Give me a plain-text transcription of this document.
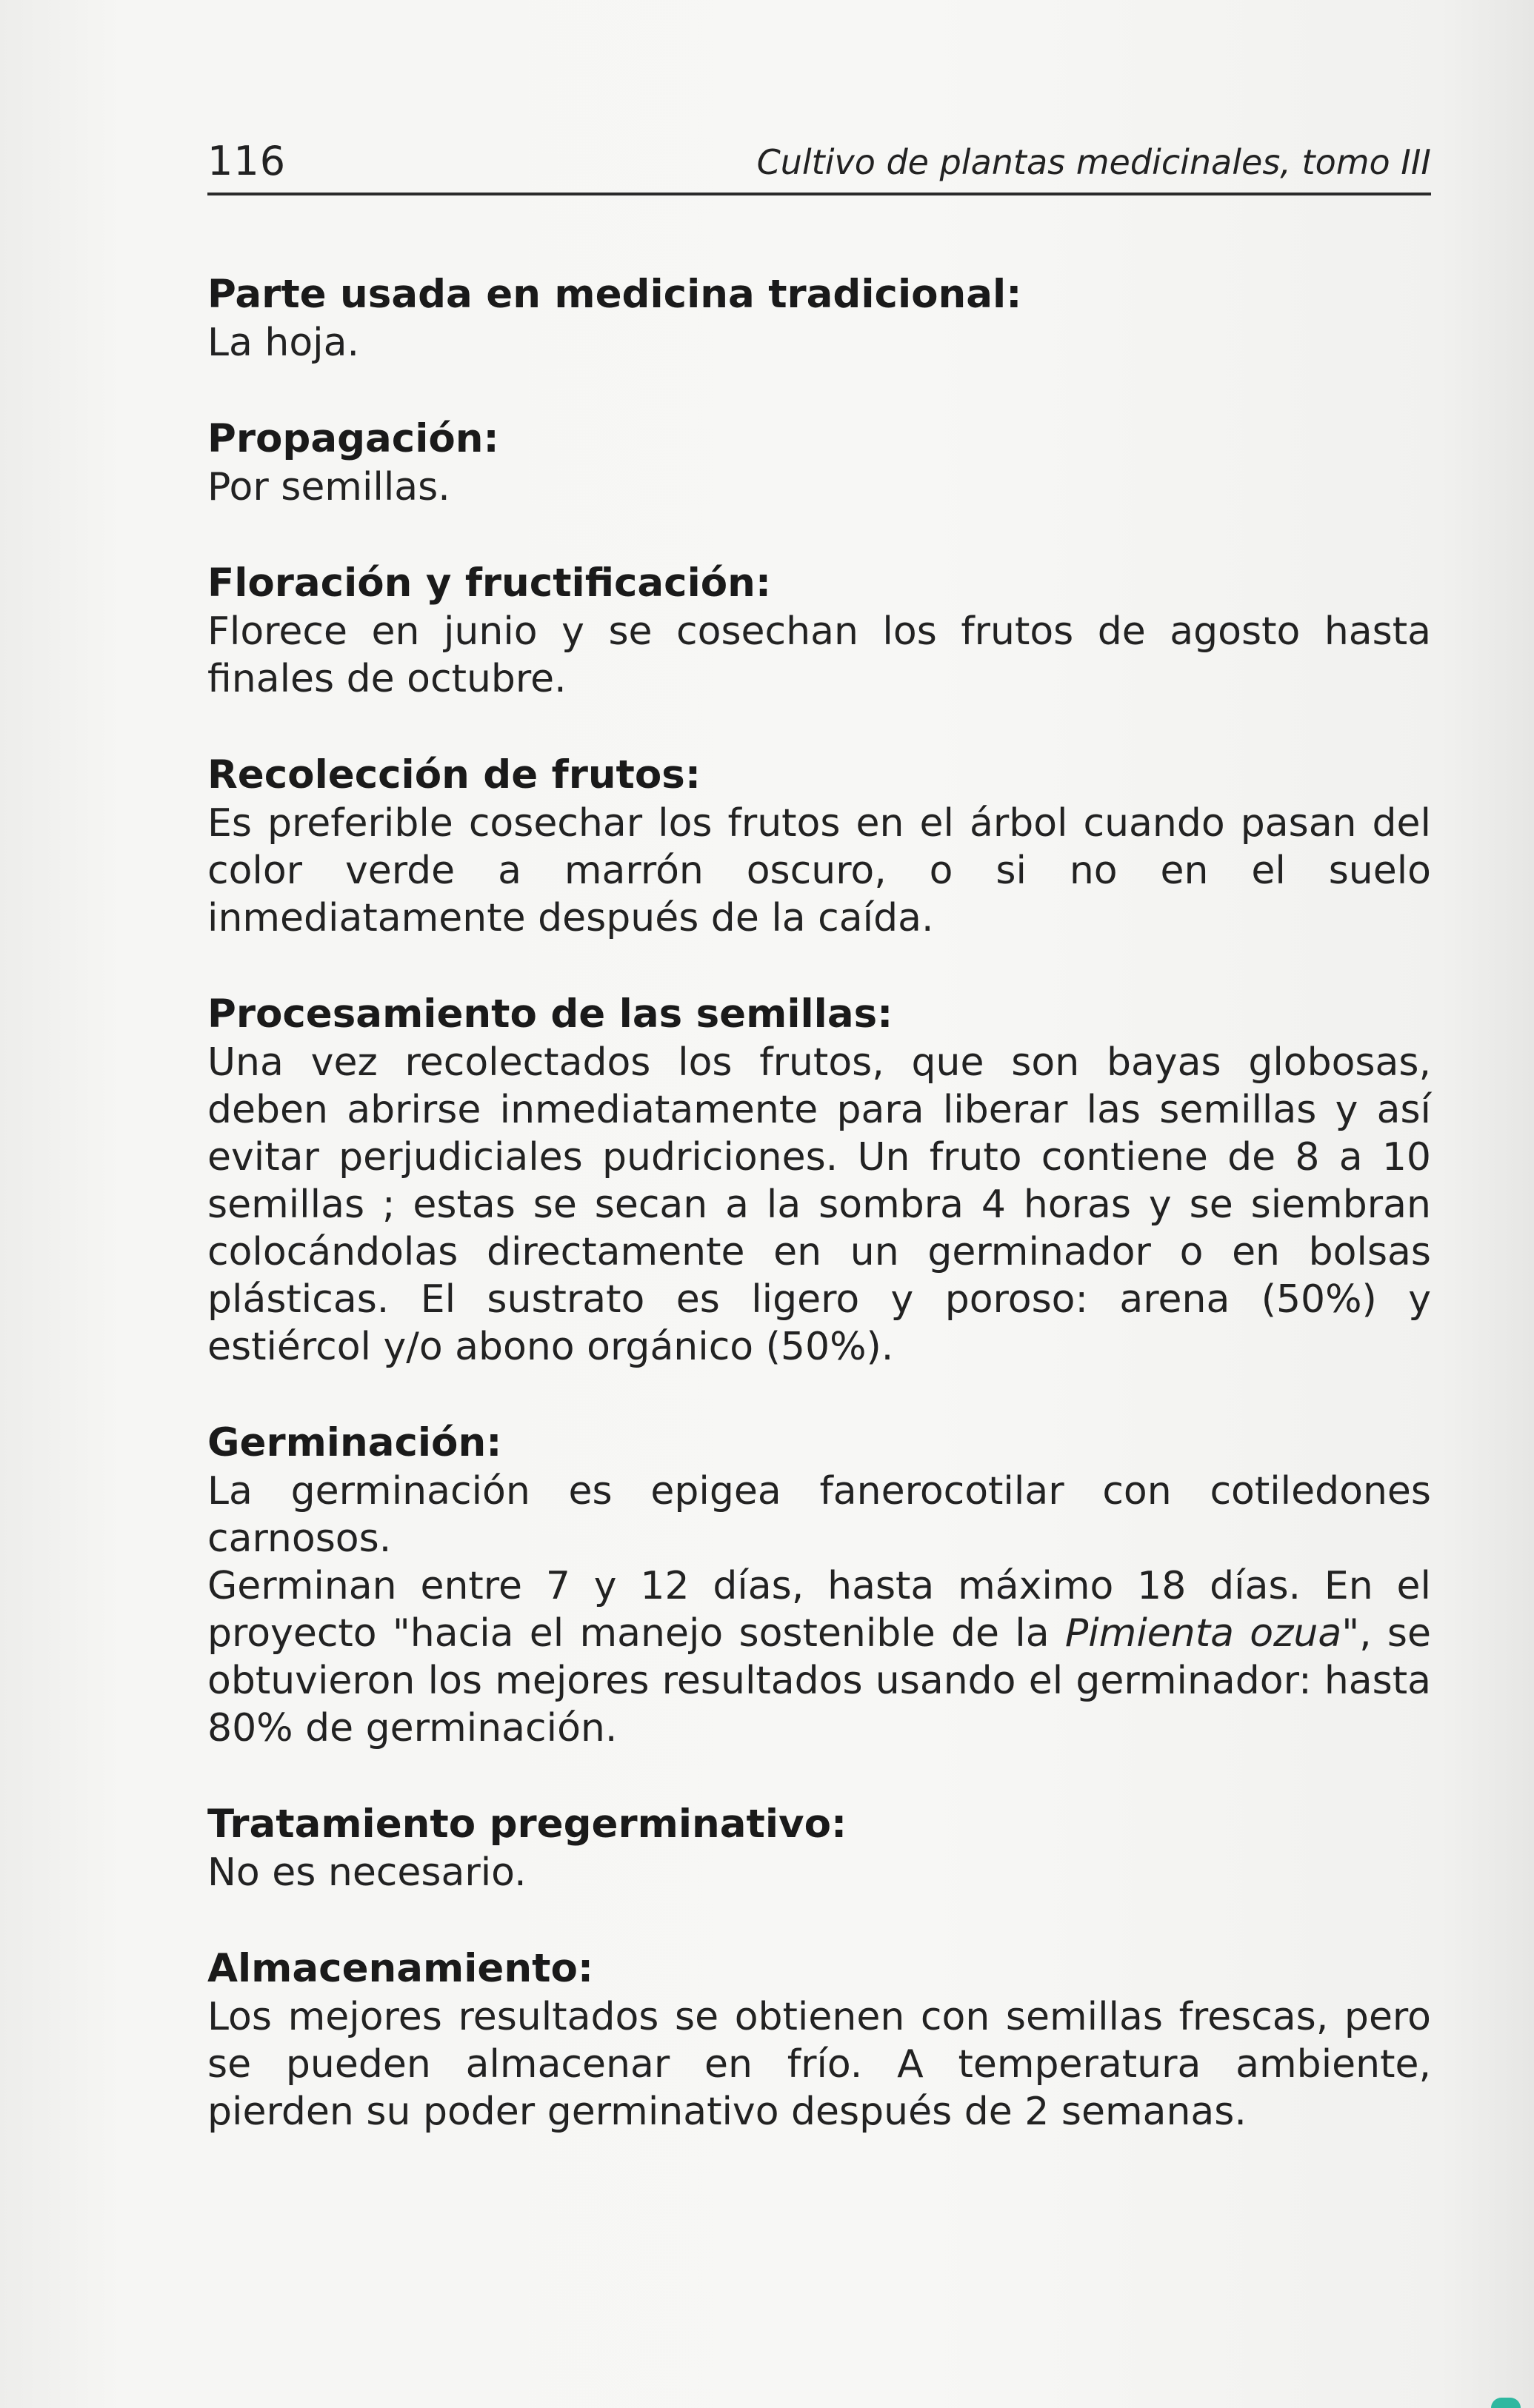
116	Cultivo de plantas medicinales, tomo III
Parte usada en medicina tradicional:

La hoja.

Propagación:

Por semillas.

Floración y fructificación:

Florece en junio y se cosechan los frutos de agosto hasta finales de octubre.

Recolección de frutos:

Es preferible cosechar los frutos en el árbol cuando pasan del color verde a marrón oscuro, o si no en el suelo inmediatamente después de la caída.

Procesamiento de las semillas:

Una vez recolectados los frutos, que son bayas globosas, deben abrirse inmediatamente para liberar las semillas y así evitar perjudiciales pudriciones. Un fruto contiene de 8 a 10 semillas ; estas se secan a la sombra 4 horas y se siembran colocándolas directamente en un germinador o en bolsas plásticas. El sustrato es ligero y poroso: arena (50%) y estiércol y/o abono orgánico (50%).

Germinación:

La germinación es epigea fanerocotilar con cotiledones carnosos.

Germinan entre 7 y 12 días, hasta máximo 18 días. En el proyecto "hacia el manejo sostenible de la Pimienta ozua", se obtuvieron los mejores resultados usando el germinador: hasta 80% de germinación.

Tratamiento pregerminativo:

No es necesario.

Almacenamiento:

Los mejores resultados se obtienen con semillas frescas, pero se pueden almacenar en frío. A temperatura ambiente, pierden su poder germinativo después de 2 semanas.
